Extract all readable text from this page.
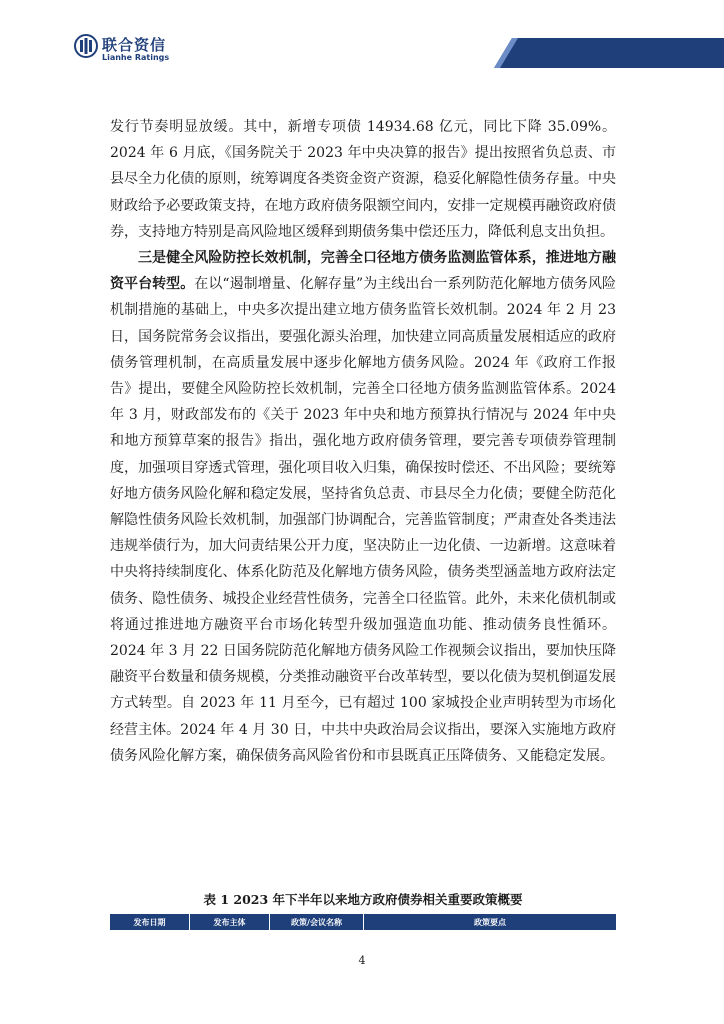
联合资信
Lianhe Ratings
www.lhratings.com

发行节奏明显放缓。其中，新增专项债 14934.68 亿元，同比下降 35.09%。2024 年 6 月底，《国务院关于 2023 年中央决算的报告》提出按照省负总责、市县尽全力化债的原则，统筹调度各类资金资产资源，稳妥化解隐性债务存量。中央财政给予必要政策支持，在地方政府债务限额空间内，安排一定规模再融资政府债券，支持地方特别是高风险地区缓释到期债务集中偿还压力，降低利息支出负担。

三是健全风险防控长效机制，完善全口径地方债务监测监管体系，推进地方融资平台转型。在以“遏制增量、化解存量”为主线出台一系列防范化解地方债务风险机制措施的基础上，中央多次提出建立地方债务监管长效机制。2024 年 2 月 23 日，国务院常务会议指出，要强化源头治理，加快建立同高质量发展相适应的政府债务管理机制，在高质量发展中逐步化解地方债务风险。2024 年《政府工作报告》提出，要健全风险防控长效机制，完善全口径地方债务监测监管体系。2024 年 3 月，财政部发布的《关于 2023 年中央和地方预算执行情况与 2024 年中央和地方预算草案的报告》指出，强化地方政府债务管理，要完善专项债券管理制度，加强项目穿透式管理，强化项目收入归集，确保按时偿还、不出风险；要统筹好地方债务风险化解和稳定发展，坚持省负总责、市县尽全力化债；要健全防范化解隐性债务风险长效机制，加强部门协调配合，完善监管制度；严肃查处各类违法违规举债行为，加大问责结果公开力度，坚决防止一边化债、一边新增。这意味着中央将持续制度化、体系化防范及化解地方债务风险，债务类型涵盖地方政府法定债务、隐性债务、城投企业经营性债务，完善全口径监管。此外，未来化债机制或将通过推进地方融资平台市场化转型升级加强造血功能、推动债务良性循环。2024 年 3 月 22 日国务院防范化解地方债务风险工作视频会议指出，要加快压降融资平台数量和债务规模，分类推动融资平台改革转型，要以化债为契机倒逼发展方式转型。自 2023 年 11 月至今，已有超过 100 家城投企业声明转型为市场化经营主体。2024 年 4 月 30 日，中共中央政治局会议指出，要深入实施地方政府债务风险化解方案，确保债务高风险省份和市县既真正压降债务、又能稳定发展。

表 1 2023 年下半年以来地方政府债券相关重要政策概要
发布日期	发布主体	政策/会议名称	政策要点
4
